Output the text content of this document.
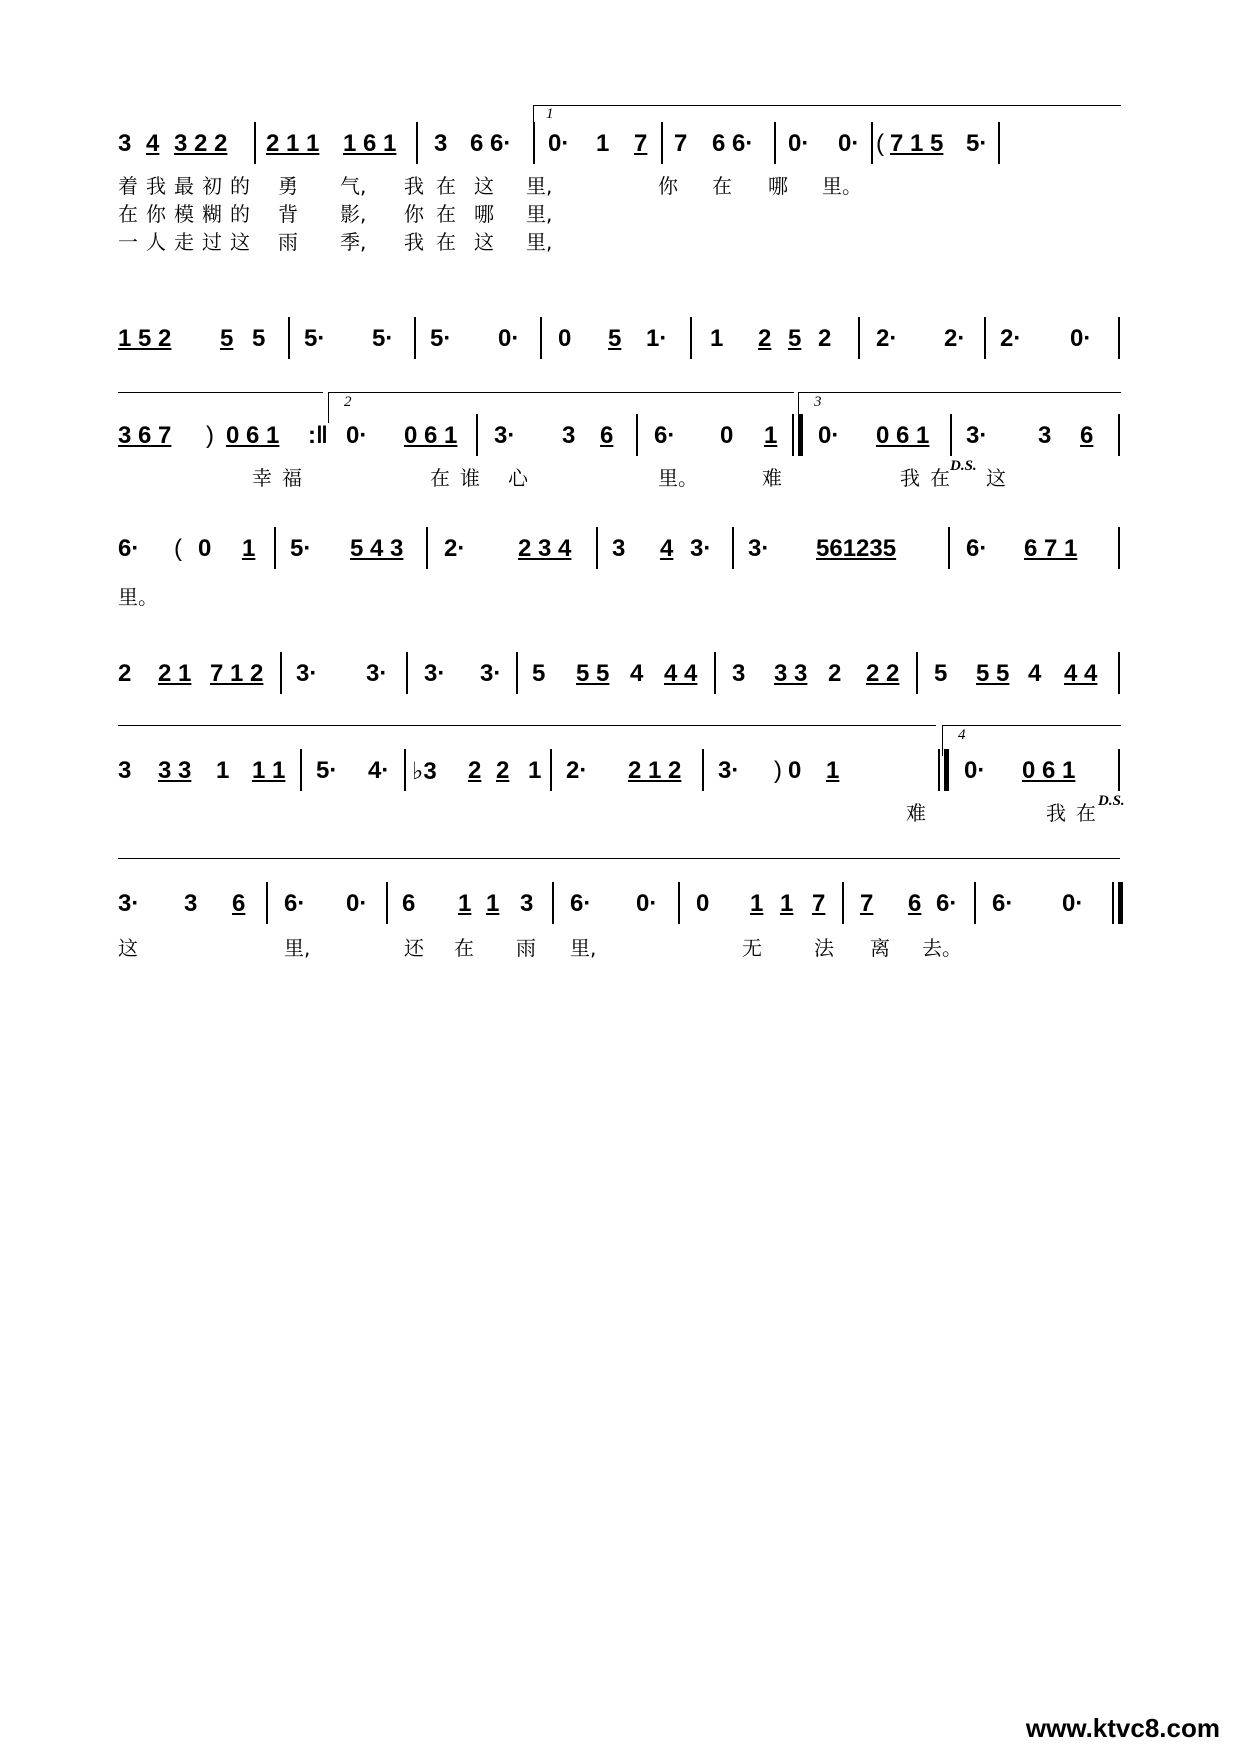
1
3 4 3 2 2 2 1 1 1 6 1 3 6 6· 0· 1 7 7 6 6· 0· 0· ( 7 1 5 5·
着 我 最 初 的 勇 气, 我 在 这 里,	你 在 哪 里。
在 你 模 糊 的 背 影, 你 在 哪 里,
一 人 走 过 这 雨 季, 我 在 这 里,
1 5 2 5 5 5· 5· 5· 0· 0 5 1· 1 2 5 2 2· 2· 2· 0·
2	3
3 6 7 ) 0 6 1 :‖ 0· 0 6 1 3· 3 6 6· 0 1 0· 0 6 1 3· 3 6
幸 福	在 谁 心	里。	难	我 在 这
D.S.
6· ( 0 1 5· 5 4 3 2· 2 3 4 3 4 3· 3· 561235	6· 6 7 1
里。
2 2 1 7 1 2 3· 3· 3· 3· 5 5 5 4 4 4 3 3 3 2 2 2 5 5 5 4 4 4
4
3 3 3 1 1 1 5· 4· ♭3 2 2 1 2· 2 1 2 3· ) 0 1	0· 0 6 1
难	我 在 D.S.
3· 3 6 6· 0· 6 1 1 3 6· 0· 0 1 1 7 7 6 6· 6· 0·
这	里,	还 在 雨 里,	无	法 离 去。
www.ktvc8.com
